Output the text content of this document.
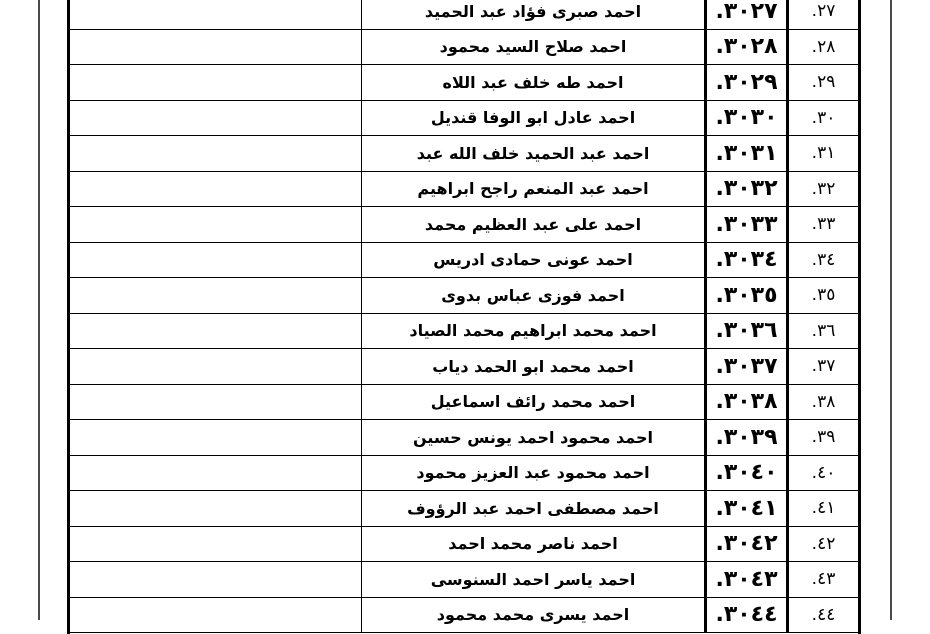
احمد صبرى فؤاد عبد الحميد	٣٠٢٧.	٢٧.
احمد صلاح السيد محمود	٣٠٢٨.	٢٨.
احمد طه خلف عبد اللاه	٣٠٢٩.	٢٩.
احمد عادل ابو الوفا قنديل	٣٠٣٠.	٣٠.
احمد عبد الحميد خلف الله عبد	٣٠٣١.	٣١.
احمد عبد المنعم راجح ابراهيم	٣٠٣٢.	٣٢.
احمد على عبد العظيم محمد	٣٠٣٣.	٣٣.
احمد عونى حمادى ادريس	٣٠٣٤.	٣٤.
احمد فوزى عباس بدوى	٣٠٣٥.	٣٥.
احمد محمد ابراهيم محمد الصياد	٣٠٣٦.	٣٦.
احمد محمد ابو الحمد دياب	٣٠٣٧.	٣٧.
احمد محمد رائف اسماعيل	٣٠٣٨.	٣٨.
احمد محمود احمد يونس حسين	٣٠٣٩.	٣٩.
احمد محمود عبد العزيز محمود	٣٠٤٠.	٤٠.
احمد مصطفى احمد عبد الرؤوف	٣٠٤١.	٤١.
احمد ناصر محمد احمد	٣٠٤٢.	٤٢.
احمد ياسر احمد السنوسى	٣٠٤٣.	٤٣.
احمد يسرى محمد محمود	٣٠٤٤.	٤٤.
